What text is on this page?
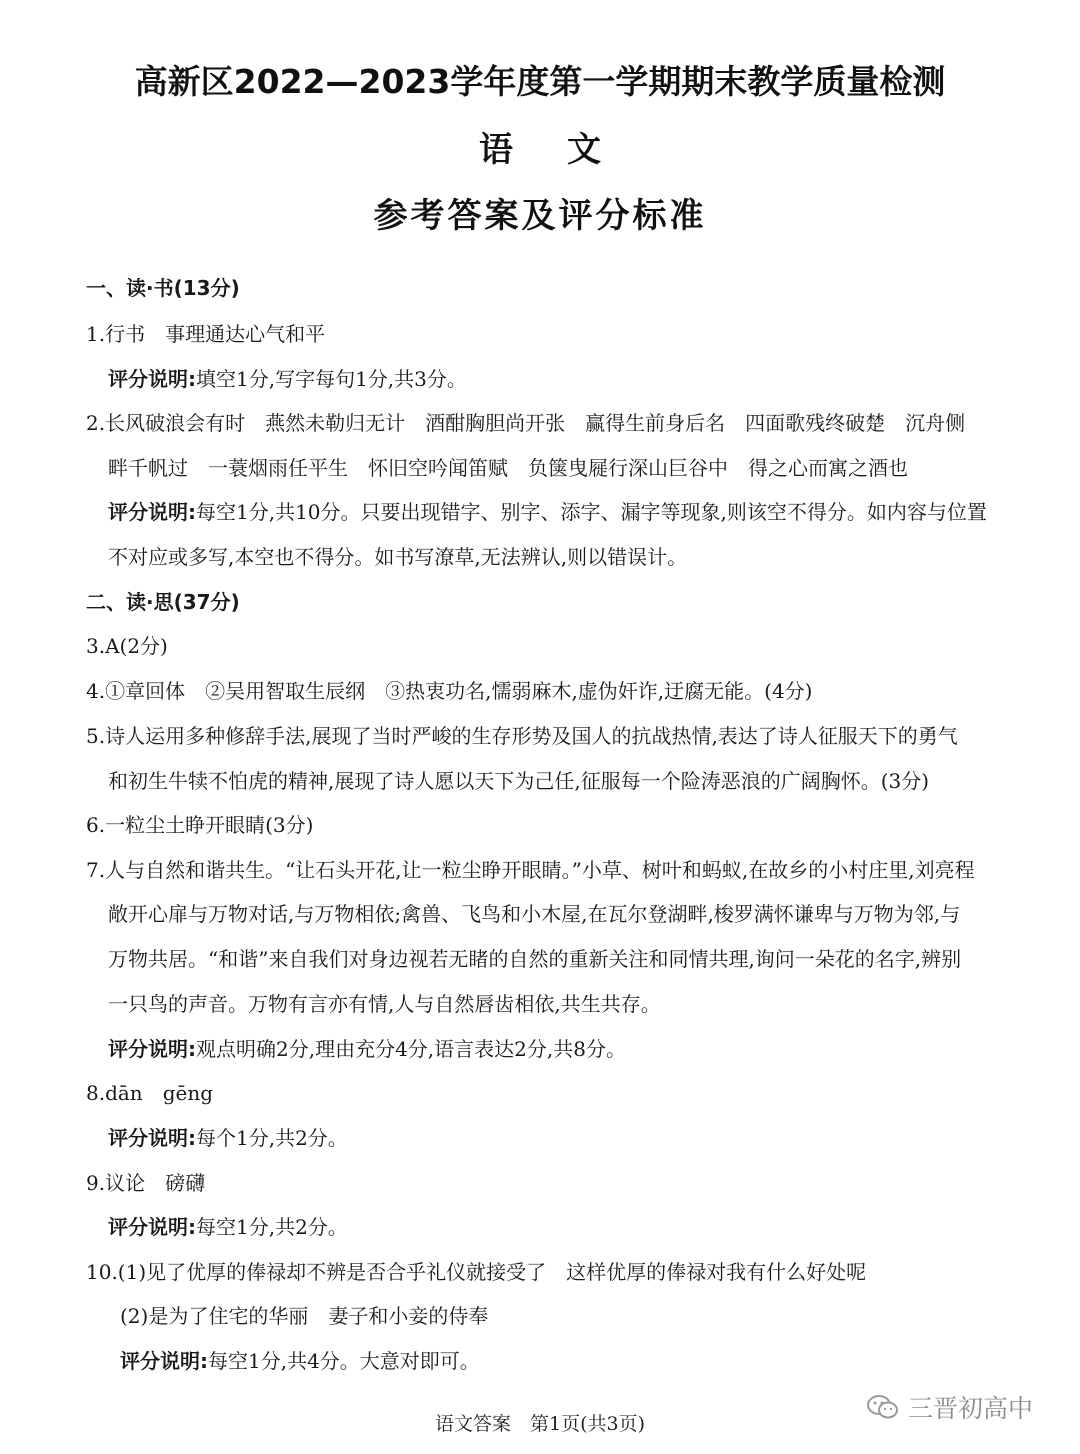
高新区2022—2023学年度第一学期期末教学质量检测
语文
参考答案及评分标准
一、读·书(13分)
1.行书　事理通达心气和平
评分说明:填空1分,写字每句1分,共3分。
2.长风破浪会有时　燕然未勒归无计　酒酣胸胆尚开张　赢得生前身后名　四面歌残终破楚　沉舟侧
畔千帆过　一蓑烟雨任平生　怀旧空吟闻笛赋　负箧曳屣行深山巨谷中　得之心而寓之酒也
评分说明:每空1分,共10分。只要出现错字、别字、添字、漏字等现象,则该空不得分。如内容与位置
不对应或多写,本空也不得分。如书写潦草,无法辨认,则以错误计。
二、读·思(37分)
3.A(2分)
4.①章回体　②吴用智取生辰纲　③热衷功名,懦弱麻木,虚伪奸诈,迂腐无能。(4分)
5.诗人运用多种修辞手法,展现了当时严峻的生存形势及国人的抗战热情,表达了诗人征服天下的勇气
和初生牛犊不怕虎的精神,展现了诗人愿以天下为己任,征服每一个险涛恶浪的广阔胸怀。(3分)
6.一粒尘土睁开眼睛(3分)
7.人与自然和谐共生。“让石头开花,让一粒尘睁开眼睛。”小草、树叶和蚂蚁,在故乡的小村庄里,刘亮程
敞开心扉与万物对话,与万物相依;禽兽、飞鸟和小木屋,在瓦尔登湖畔,梭罗满怀谦卑与万物为邻,与
万物共居。“和谐”来自我们对身边视若无睹的自然的重新关注和同情共理,询问一朵花的名字,辨别
一只鸟的声音。万物有言亦有情,人与自然唇齿相依,共生共存。
评分说明:观点明确2分,理由充分4分,语言表达2分,共8分。
8.dān　gēng
评分说明:每个1分,共2分。
9.议论　磅礴
评分说明:每空1分,共2分。
10.(1)见了优厚的俸禄却不辨是否合乎礼仪就接受了　这样优厚的俸禄对我有什么好处呢
(2)是为了住宅的华丽　妻子和小妾的侍奉
评分说明:每空1分,共4分。大意对即可。
语文答案　第1页(共3页)
三晋初高中
